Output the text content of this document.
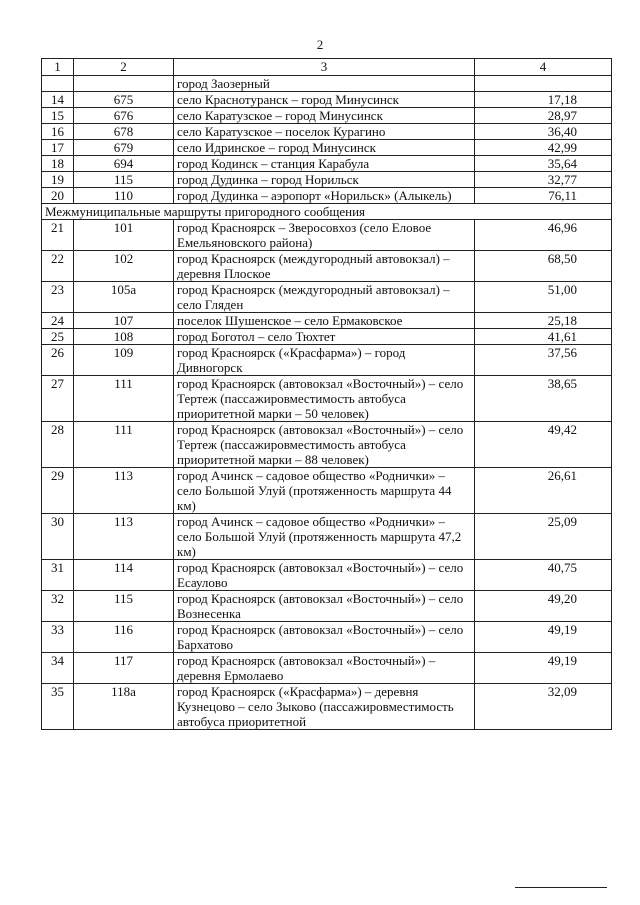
2
1	2	3	4
		город Заозерный	
14	675	село Краснотуранск – город Минусинск	17,18
15	676	село Каратузское – город Минусинск	28,97
16	678	село Каратузское – поселок Курагино	36,40
17	679	село Идринское – город Минусинск	42,99
18	694	город Кодинск – станция Карабула	35,64
19	115	город Дудинка – город Норильск	32,77
20	110	город Дудинка – аэропорт «Норильск» (Алыкель)	76,11
Межмуниципальные маршруты пригородного сообщения			
21	101	город Красноярск – Зверосовхоз (село Еловое Емельяновского района)	46,96
22	102	город Красноярск (междугородный автовокзал) – деревня Плоское	68,50
23	105а	город Красноярск (междугородный автовокзал) – село Гляден	51,00
24	107	поселок Шушенское – село Ермаковское	25,18
25	108	город Боготол – село Тюхтет	41,61
26	109	город Красноярск («Красфарма») – город Дивногорск	37,56
27	111	город Красноярск (автовокзал «Восточный») – село Тертеж (пассажировместимость автобуса приоритетной марки – 50 человек)	38,65
28	111	город Красноярск (автовокзал «Восточный») – село Тертеж (пассажировместимость автобуса приоритетной марки – 88 человек)	49,42
29	113	город Ачинск – садовое общество «Роднички» – село Большой Улуй (протяженность маршрута 44 км)	26,61
30	113	город Ачинск – садовое общество «Роднички» – село Большой Улуй (протяженность маршрута 47,2 км)	25,09
31	114	город Красноярск (автовокзал «Восточный») – село Есаулово	40,75
32	115	город Красноярск (автовокзал «Восточный») – село Вознесенка	49,20
33	116	город Красноярск (автовокзал «Восточный») – село Бархатово	49,19
34	117	город Красноярск (автовокзал «Восточный») – деревня Ермолаево	49,19
35	118а	город Красноярск («Красфарма») – деревня Кузнецово – село Зыково (пассажировместимость автобуса приоритетной	32,09
